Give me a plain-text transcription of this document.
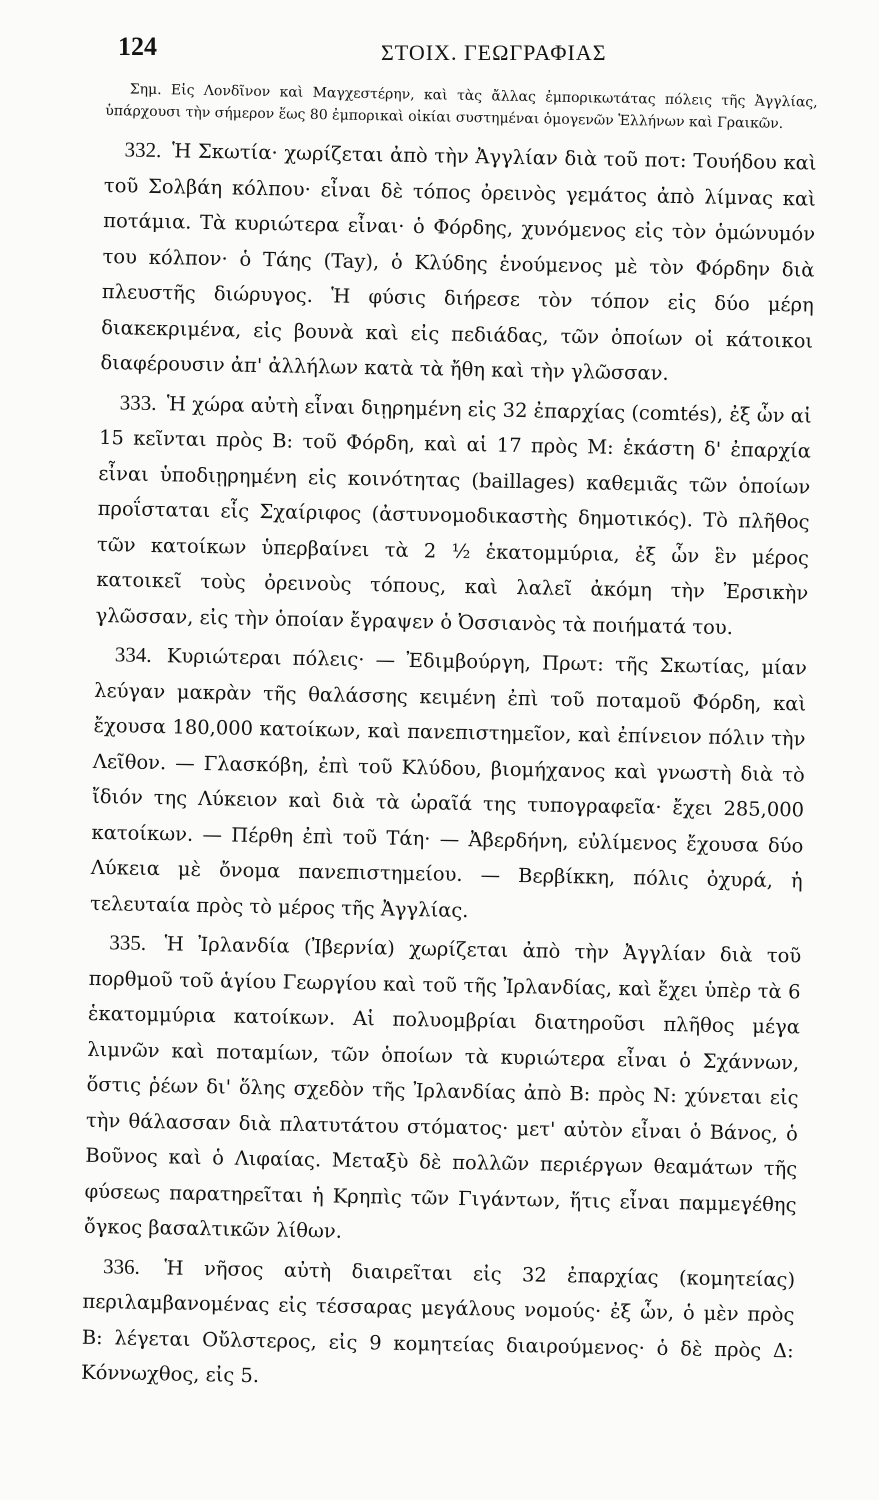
124	ΣΤΟΙΧ. ΓΕΩΓΡΑΦΙΑΣ

Σημ. Εἰς Λονδῖνον καὶ Μαγχεστέρην, καὶ τὰς ἄλλας ἐμπορικωτάτας πόλεις τῆς Ἀγγλίας, ὑπάρχουσι τὴν σήμερον ἕως 80 ἐμπορικαὶ οἰκίαι συστημέναι ὁμογενῶν Ἑλλήνων καὶ Γραικῶν.

332. Ἡ Σκωτία· χωρίζεται ἀπὸ τὴν Ἀγγλίαν διὰ τοῦ ποτ: Τουήδου καὶ τοῦ Σολβάη κόλπου· εἶναι δὲ τόπος ὀρεινὸς γεμάτος ἀπὸ λίμνας καὶ ποτάμια. Τὰ κυριώτερα εἶναι· ὁ Φόρδης, χυνόμενος εἰς τὸν ὁμώνυμόν του κόλπον· ὁ Τάης (Tay), ὁ Κλύδης ἑνούμενος μὲ τὸν Φόρδην διὰ πλευστῆς διώρυγος. Ἡ φύσις διήρεσε τὸν τόπον εἰς δύο μέρη διακεκριμένα, εἰς βουνὰ καὶ εἰς πεδιάδας, τῶν ὁποίων οἱ κάτοικοι διαφέρουσιν ἀπ' ἀλλήλων κατὰ τὰ ἤθη καὶ τὴν γλῶσσαν.

333. Ἡ χώρα αὐτὴ εἶναι διῃρημένη εἰς 32 ἐπαρχίας (comtés), ἐξ ὧν αἱ 15 κεῖνται πρὸς Β: τοῦ Φόρδη, καὶ αἱ 17 πρὸς Μ: ἑκάστη δ' ἐπαρχία εἶναι ὑποδιῃρημένη εἰς κοινότητας (baillages) καθεμιᾶς τῶν ὁποίων προΐσταται εἷς Σχαίριφος (ἀστυνομοδικαστὴς δημοτικός). Τὸ πλῆθος τῶν κατοίκων ὑπερβαίνει τὰ 2 ½ ἑκατομμύρια, ἐξ ὧν ἓν μέρος κατοικεῖ τοὺς ὀρεινοὺς τόπους, καὶ λαλεῖ ἀκόμη τὴν Ἐρσικὴν γλῶσσαν, εἰς τὴν ὁποίαν ἔγραψεν ὁ Ὀσσιανὸς τὰ ποιήματά του.

334. Κυριώτεραι πόλεις· — Ἐδιμβούργη, Πρωτ: τῆς Σκωτίας, μίαν λεύγαν μακρὰν τῆς θαλάσσης κειμένη ἐπὶ τοῦ ποταμοῦ Φόρδη, καὶ ἔχουσα 180,000 κατοίκων, καὶ πανεπιστημεῖον, καὶ ἐπίνειον πόλιν τὴν Λεῖθον. — Γλασκόβη, ἐπὶ τοῦ Κλύδου, βιομήχανος καὶ γνωστὴ διὰ τὸ ἴδιόν της Λύκειον καὶ διὰ τὰ ὡραῖά της τυπογραφεῖα· ἔχει 285,000 κατοίκων. — Πέρθη ἐπὶ τοῦ Τάη· — Ἀβερδήνη, εὐλίμενος ἔχουσα δύο Λύκεια μὲ ὄνομα πανεπιστημείου. — Βερβίκκη, πόλις ὀχυρά, ἡ τελευταία πρὸς τὸ μέρος τῆς Ἀγγλίας.

335. Ἡ Ἰρλανδία (Ἰβερνία) χωρίζεται ἀπὸ τὴν Ἀγγλίαν διὰ τοῦ πορθμοῦ τοῦ ἁγίου Γεωργίου καὶ τοῦ τῆς Ἰρλανδίας, καὶ ἔχει ὑπὲρ τὰ 6 ἑκατομμύρια κατοίκων. Αἱ πολυομβρίαι διατηροῦσι πλῆθος μέγα λιμνῶν καὶ ποταμίων, τῶν ὁποίων τὰ κυριώτερα εἶναι ὁ Σχάννων, ὅστις ῥέων δι' ὅλης σχεδὸν τῆς Ἰρλανδίας ἀπὸ Β: πρὸς Ν: χύνεται εἰς τὴν θάλασσαν διὰ πλατυτάτου στόματος· μετ' αὐτὸν εἶναι ὁ Βάνος, ὁ Βοῦνος καὶ ὁ Λιφαίας. Μεταξὺ δὲ πολλῶν περιέργων θεαμάτων τῆς φύσεως παρατηρεῖται ἡ Κρηπὶς τῶν Γιγάντων, ἥτις εἶναι παμμεγέθης ὄγκος βασαλτικῶν λίθων.

336. Ἡ νῆσος αὐτὴ διαιρεῖται εἰς 32 ἐπαρχίας (κομητείας) περιλαμβανομένας εἰς τέσσαρας μεγάλους νομούς· ἐξ ὧν, ὁ μὲν πρὸς Β: λέγεται Οὔλστερος, εἰς 9 κομητείας διαιρούμενος· ὁ δὲ πρὸς Δ: Κόννωχθος, εἰς 5.
